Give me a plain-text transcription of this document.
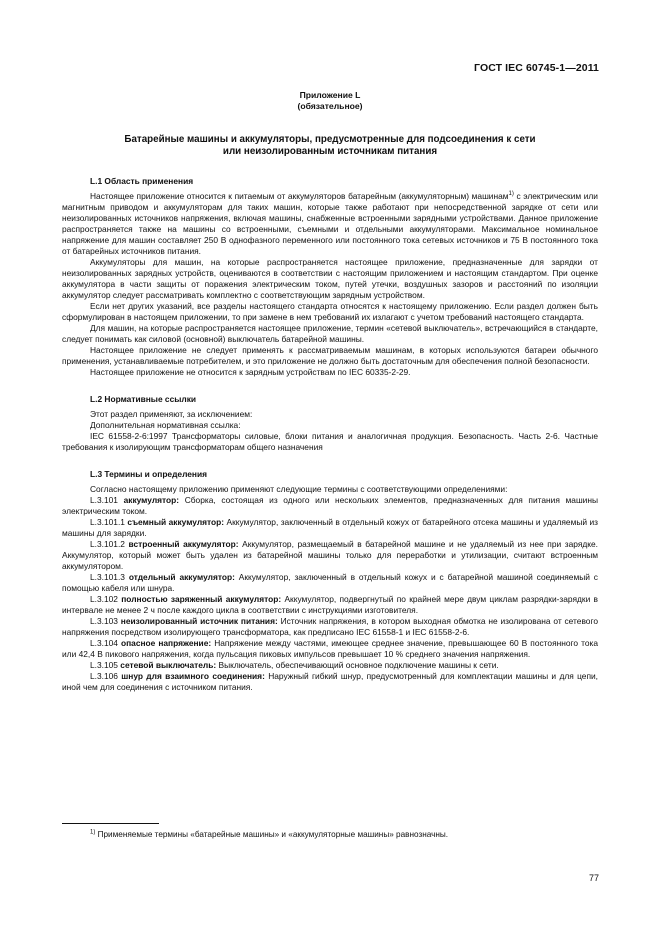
ГОСТ IEC 60745-1—2011
Приложение L
(обязательное)
Батарейные машины и аккумуляторы, предусмотренные для подсоединения к сети
или неизолированным источникам питания
L.1 Область применения

Настоящее приложение относится к питаемым от аккумуляторов батарейным (аккумуляторным) машинам$^{1)}$ с электрическим или магнитным приводом и аккумуляторам для таких машин, которые также работают при непосредственной зарядке от сети или неизолированных источников напряжения, включая машины, снабженные встроенными зарядными устройствами. Данное приложение распространяется также на машины со встроенными, съемными и отдельными аккумуляторами. Максимальное номинальное напряжение для машин составляет 250 В однофазного переменного или постоянного тока сетевых источников и 75 В постоянного тока от батарейных источников питания.

Аккумуляторы для машин, на которые распространяется настоящее приложение, предназначенные для зарядки от неизолированных зарядных устройств, оцениваются в соответствии с настоящим приложением и настоящим стандартом. При оценке аккумулятора в части защиты от поражения электрическим током, путей утечки, воздушных зазоров и расстояний по изоляции аккумулятор следует рассматривать комплектно с соответствующим зарядным устройством.

Если нет других указаний, все разделы настоящего стандарта относятся к настоящему приложению. Если раздел должен быть сформулирован в настоящем приложении, то при замене в нем требований их излагают с учетом требований настоящего стандарта.

Для машин, на которые распространяется настоящее приложение, термин «сетевой выключатель», встречающийся в стандарте, следует понимать как силовой (основной) выключатель батарейной машины.

Настоящее приложение не следует применять к рассматриваемым машинам, в которых используются батареи обычного применения, устанавливаемые потребителем, и это приложение не должно быть достаточным для обеспечения полной безопасности.

Настоящее приложение не относится к зарядным устройствам по IEC 60335-2-29.

L.2 Нормативные ссылки

Этот раздел применяют, за исключением:

Дополнительная нормативная ссылка:

IEC 61558-2-6:1997 Трансформаторы силовые, блоки питания и аналогичная продукция. Безопасность. Часть 2-6. Частные требования к изолирующим трансформаторам общего назначения

L.3 Термины и определения

Согласно настоящему приложению применяют следующие термины с соответствующими определениями:

L.3.101 аккумулятор: Сборка, состоящая из одного или нескольких элементов, предназначенных для питания машины электрическим током.

L.3.101.1 съемный аккумулятор: Аккумулятор, заключенный в отдельный кожух от батарейного отсека машины и удаляемый из машины для зарядки.

L.3.101.2 встроенный аккумулятор: Аккумулятор, размещаемый в батарейной машине и не удаляемый из нее при зарядке. Аккумулятор, который может быть удален из батарейной машины только для переработки и утилизации, считают встроенным аккумулятором.

L.3.101.3 отдельный аккумулятор: Аккумулятор, заключенный в отдельный кожух и с батарейной машиной соединяемый с помощью кабеля или шнура.

L.3.102 полностью заряженный аккумулятор: Аккумулятор, подвергнутый по крайней мере двум циклам разрядки-зарядки в интервале не менее 2 ч после каждого цикла в соответствии с инструкциями изготовителя.

L.3.103 неизолированный источник питания: Источник напряжения, в котором выходная обмотка не изолирована от сетевого напряжения посредством изолирующего трансформатора, как предписано IEC 61558-1 и IEC 61558-2-6.

L.3.104 опасное напряжение: Напряжение между частями, имеющее среднее значение, превышающее 60 В постоянного тока или 42,4 В пикового напряжения, когда пульсация пиковых импульсов превышает 10 % среднего значения напряжения.

L.3.105 сетевой выключатель: Выключатель, обеспечивающий основное подключение машины к сети.

L.3.106 шнур для взаимного соединения: Наружный гибкий шнур, предусмотренный для комплектации машины и для цепи, иной чем для соединения с источником питания.

$^{1)}$ Применяемые термины «батарейные машины» и «аккумуляторные машины» равнозначны.
77
